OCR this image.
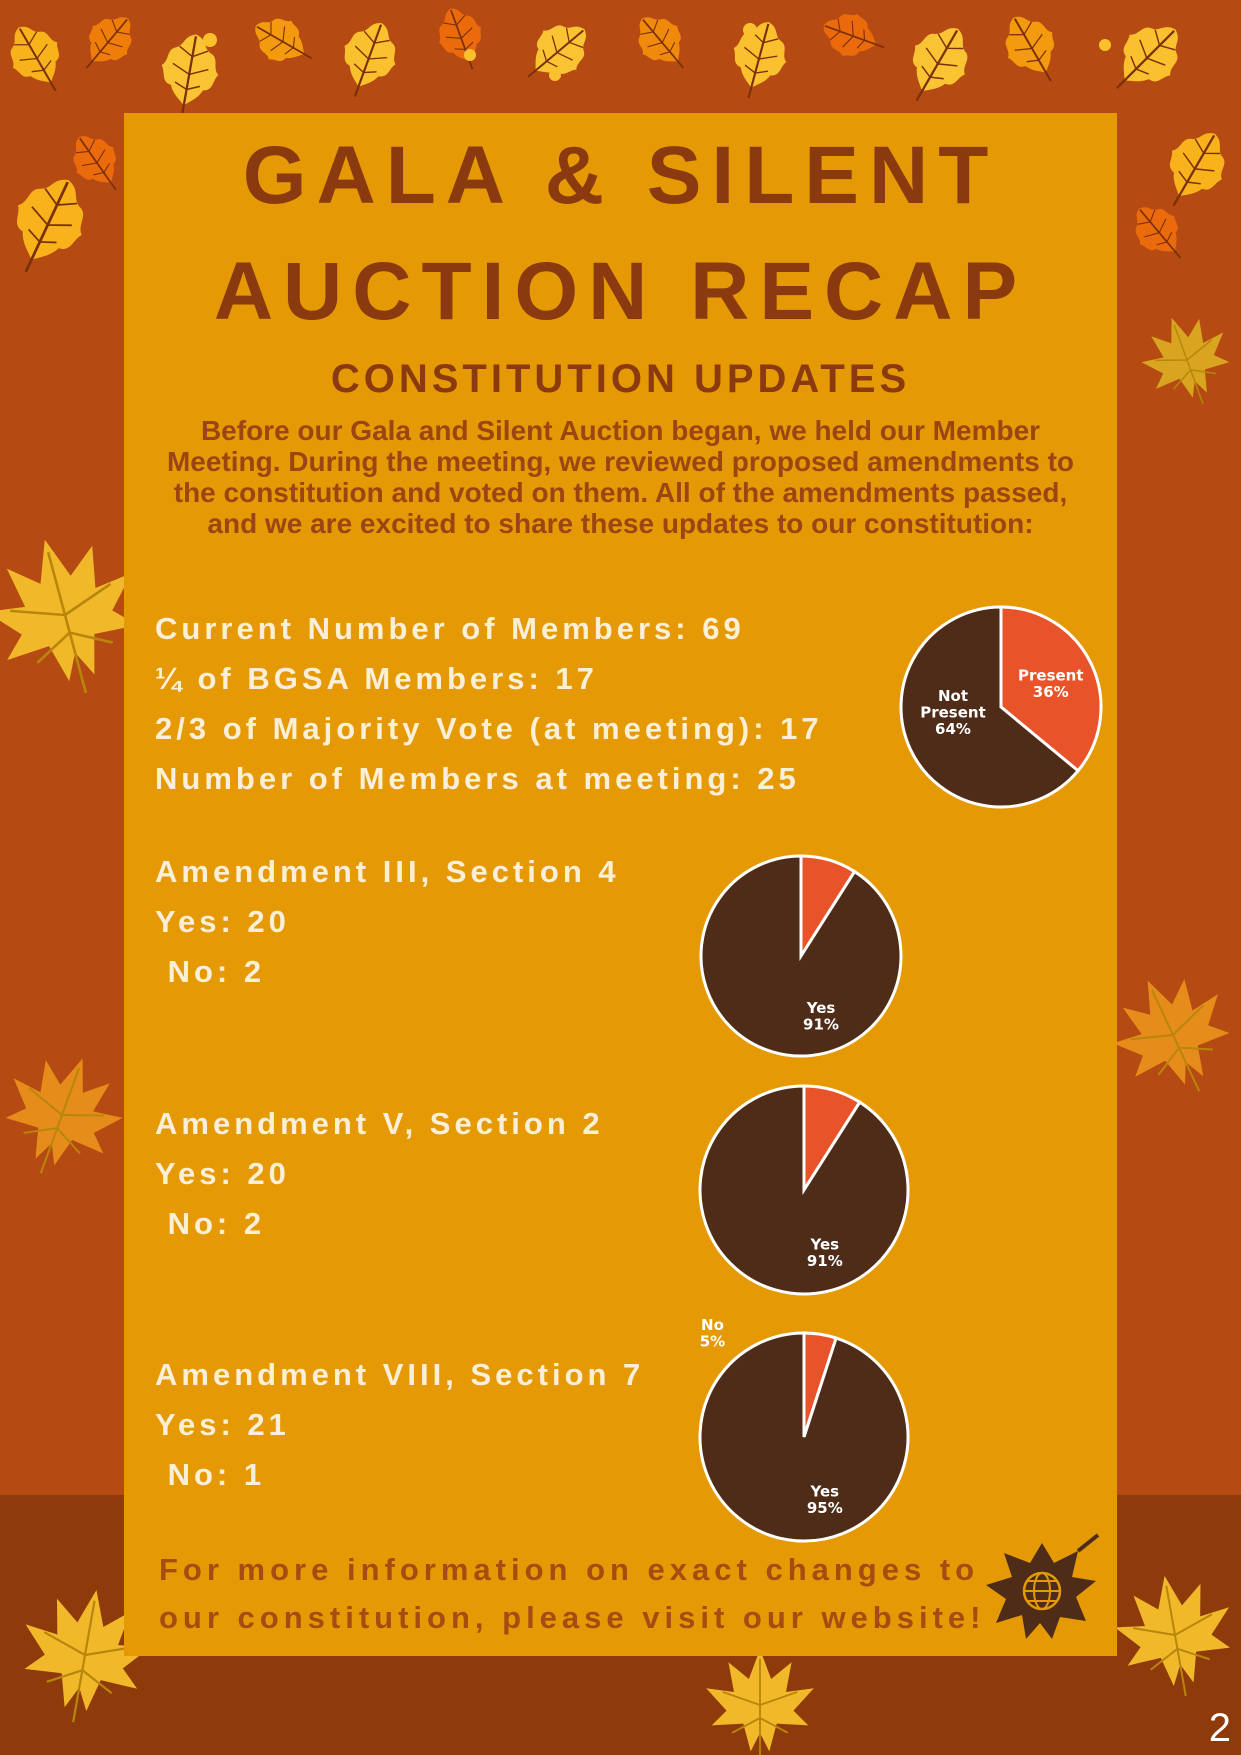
GALA & SILENT
AUCTION RECAP
CONSTITUTION UPDATES
Before our Gala and Silent Auction began, we held our Member Meeting. During the meeting, we reviewed proposed amendments to the constitution and voted on them. All of the amendments passed, and we are excited to share these updates to our constitution:
Current Number of Members: 69
¼ of BGSA Members: 17
2/3 of Majority Vote (at meeting): 17
Number of Members at meeting: 25
Amendment III, Section 4
Yes: 20
No: 2
Amendment V, Section 2
Yes: 20
No: 2
Amendment VIII, Section 7
Yes: 21
No: 1
For more information on exact changes to
our constitution, please visit our website!
Present 36%
Not Present 64%
Yes 91%
Yes 91%
No 5%
Yes 95%
2
